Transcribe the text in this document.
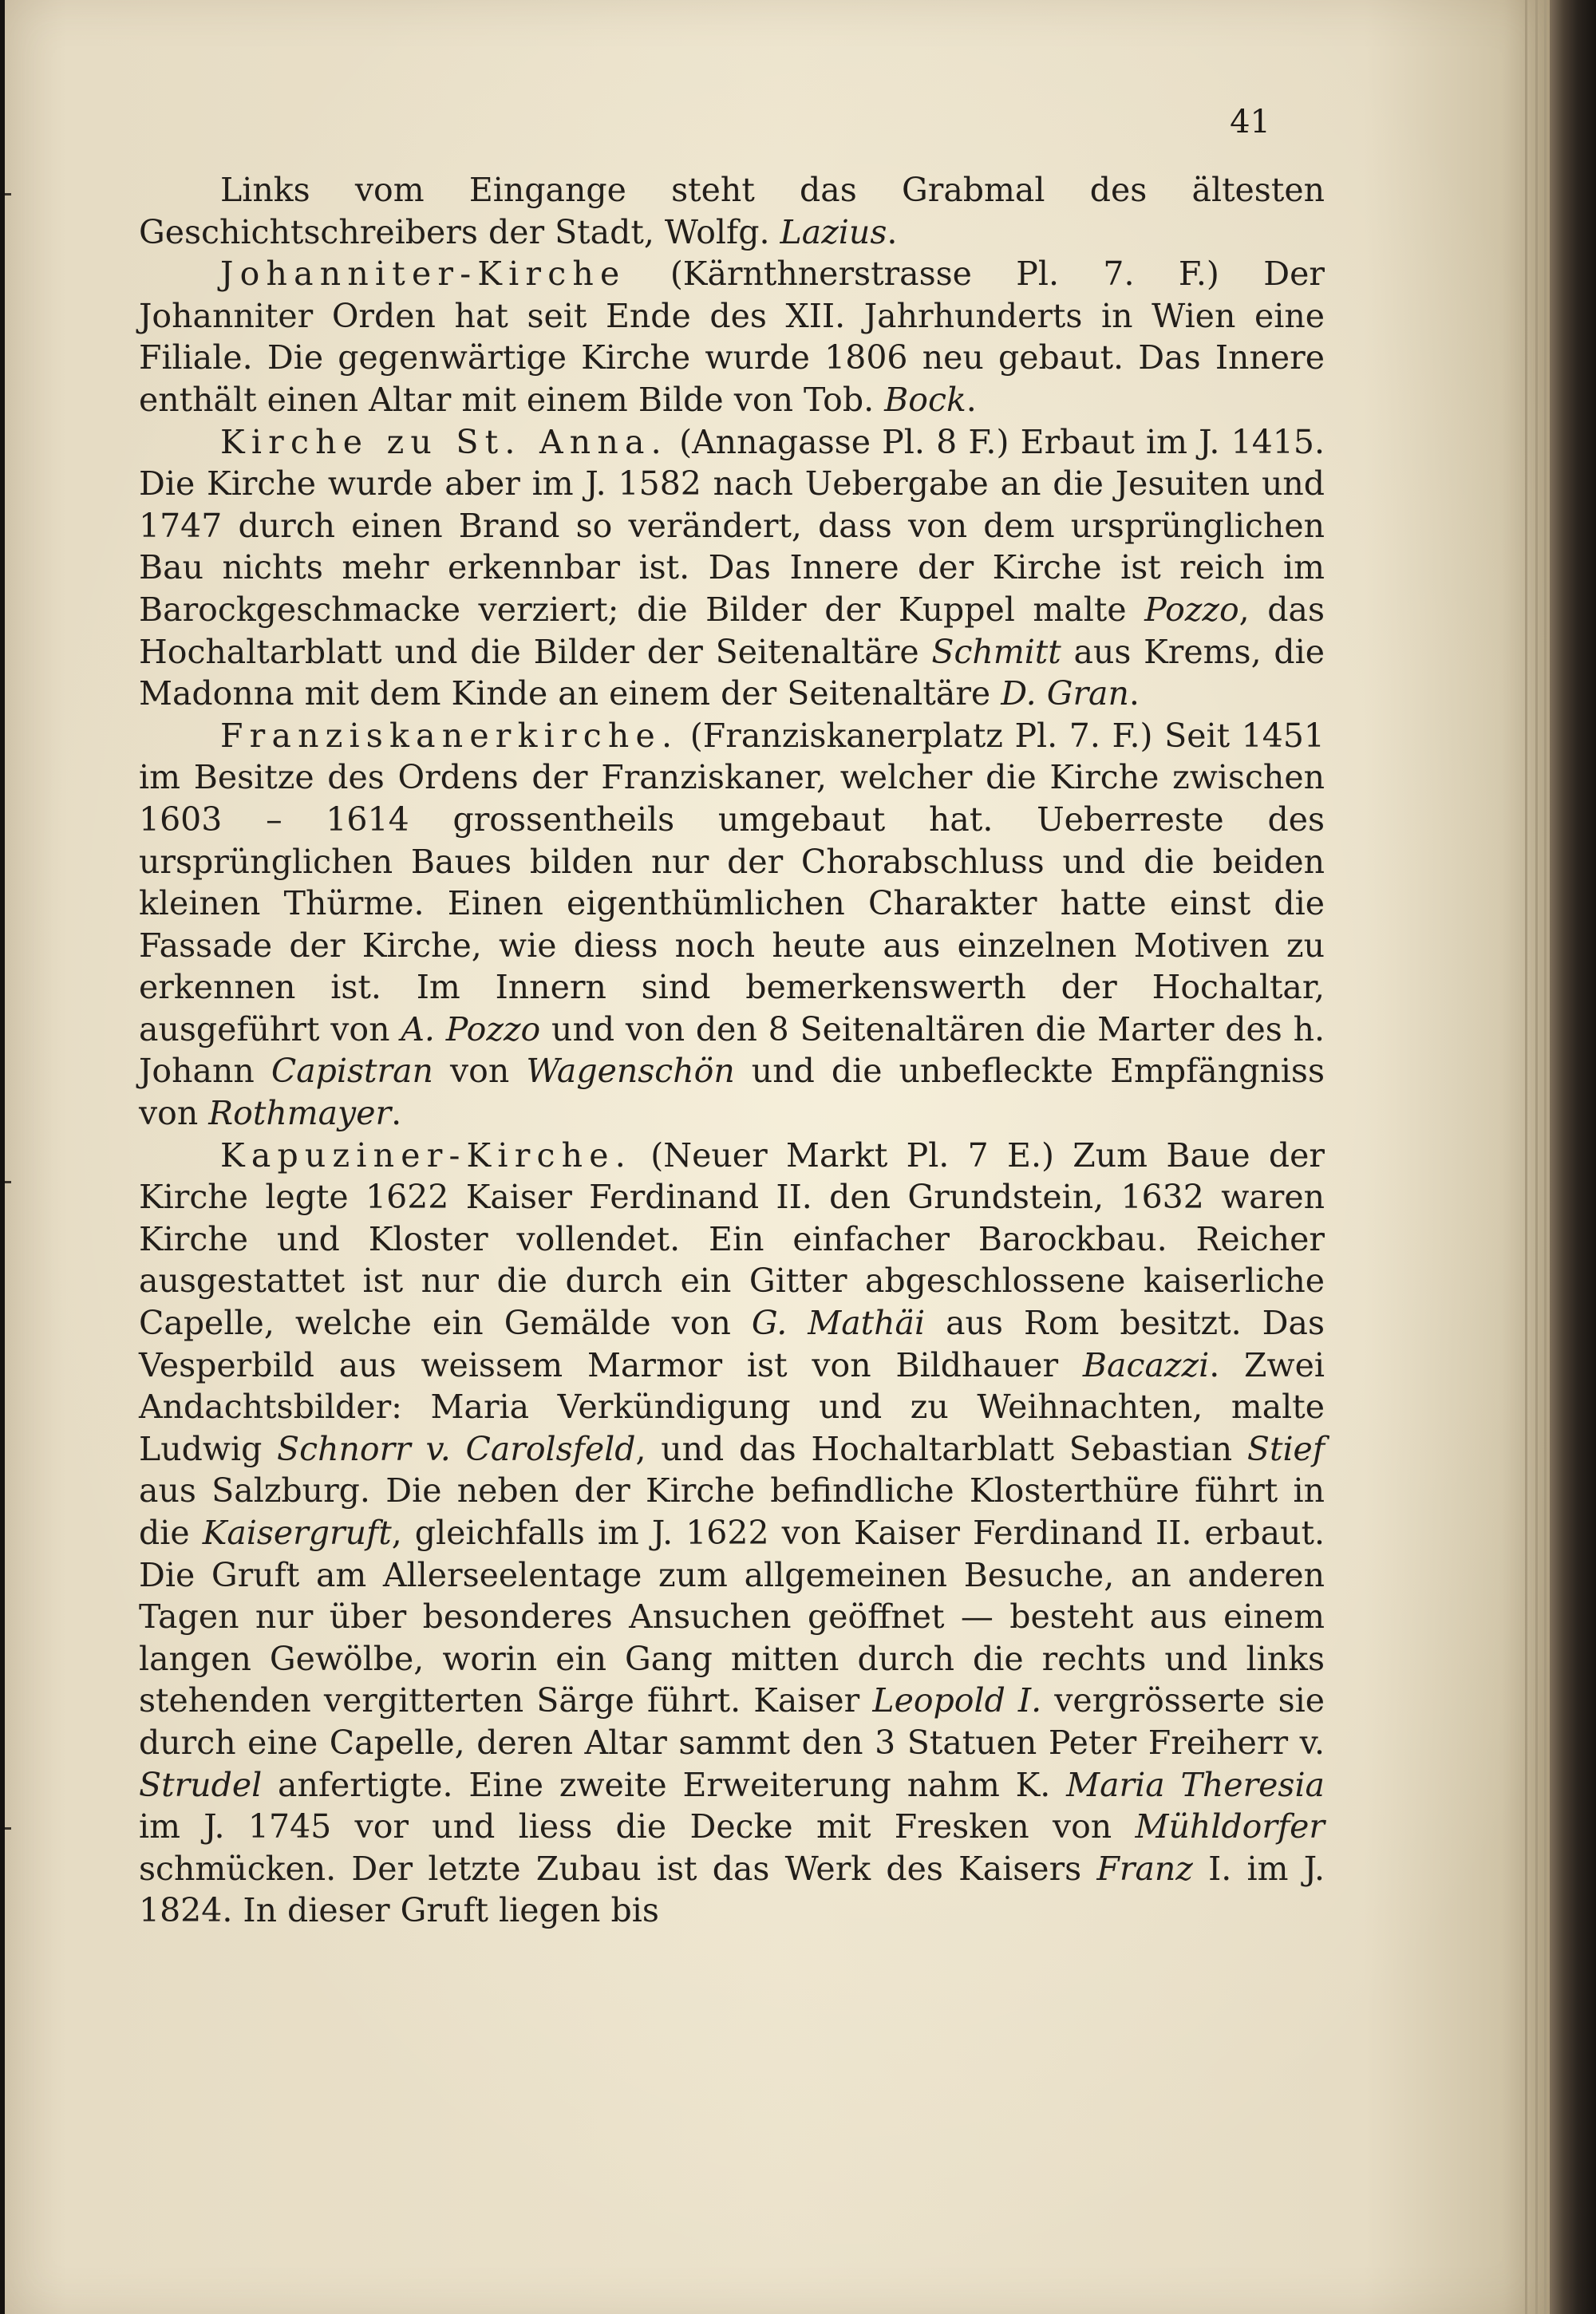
41

Links vom Eingange steht das Grabmal des ältesten Geschichtschreibers der Stadt, Wolfg. Lazius.

Johanniter-Kirche (Kärnthnerstrasse Pl. 7. F.) Der Johanniter Orden hat seit Ende des XII. Jahrhunderts in Wien eine Filiale. Die gegenwärtige Kirche wurde 1806 neu gebaut. Das Innere enthält einen Altar mit einem Bilde von Tob. Bock.

Kirche zu St. Anna. (Annagasse Pl. 8 F.) Erbaut im J. 1415. Die Kirche wurde aber im J. 1582 nach Uebergabe an die Jesuiten und 1747 durch einen Brand so verändert, dass von dem ursprünglichen Bau nichts mehr erkennbar ist. Das Innere der Kirche ist reich im Barockgeschmacke verziert; die Bilder der Kuppel malte Pozzo, das Hochaltarblatt und die Bilder der Seitenaltäre Schmitt aus Krems, die Madonna mit dem Kinde an einem der Seitenaltäre D. Gran.

Franziskanerkirche. (Franziskanerplatz Pl. 7. F.) Seit 1451 im Besitze des Ordens der Franziskaner, welcher die Kirche zwischen 1603 – 1614 grossentheils umgebaut hat. Ueberreste des ursprünglichen Baues bilden nur der Chorabschluss und die beiden kleinen Thürme. Einen eigenthümlichen Charakter hatte einst die Fassade der Kirche, wie diess noch heute aus einzelnen Motiven zu erkennen ist. Im Innern sind bemerkenswerth der Hochaltar, ausgeführt von A. Pozzo und von den 8 Seitenaltären die Marter des h. Johann Capistran von Wagenschön und die unbefleckte Empfängniss von Rothmayer.

Kapuziner-Kirche. (Neuer Markt Pl. 7 E.) Zum Baue der Kirche legte 1622 Kaiser Ferdinand II. den Grundstein, 1632 waren Kirche und Kloster vollendet. Ein einfacher Barockbau. Reicher ausgestattet ist nur die durch ein Gitter abgeschlossene kaiserliche Capelle, welche ein Gemälde von G. Mathäi aus Rom besitzt. Das Vesperbild aus weissem Marmor ist von Bildhauer Bacazzi. Zwei Andachtsbilder: Maria Verkündigung und zu Weihnachten, malte Ludwig Schnorr v. Carolsfeld, und das Hochaltarblatt Sebastian Stief aus Salzburg. Die neben der Kirche befindliche Klosterthüre führt in die Kaisergruft, gleichfalls im J. 1622 von Kaiser Ferdinand II. erbaut. Die Gruft am Allerseelentage zum allgemeinen Besuche, an anderen Tagen nur über besonderes Ansuchen geöffnet — besteht aus einem langen Gewölbe, worin ein Gang mitten durch die rechts und links stehenden vergitterten Särge führt. Kaiser Leopold I. vergrösserte sie durch eine Capelle, deren Altar sammt den 3 Statuen Peter Freiherr v. Strudel anfertigte. Eine zweite Erweiterung nahm K. Maria Theresia im J. 1745 vor und liess die Decke mit Fresken von Mühldorfer schmücken. Der letzte Zubau ist das Werk des Kaisers Franz I. im J. 1824. In dieser Gruft liegen bis
